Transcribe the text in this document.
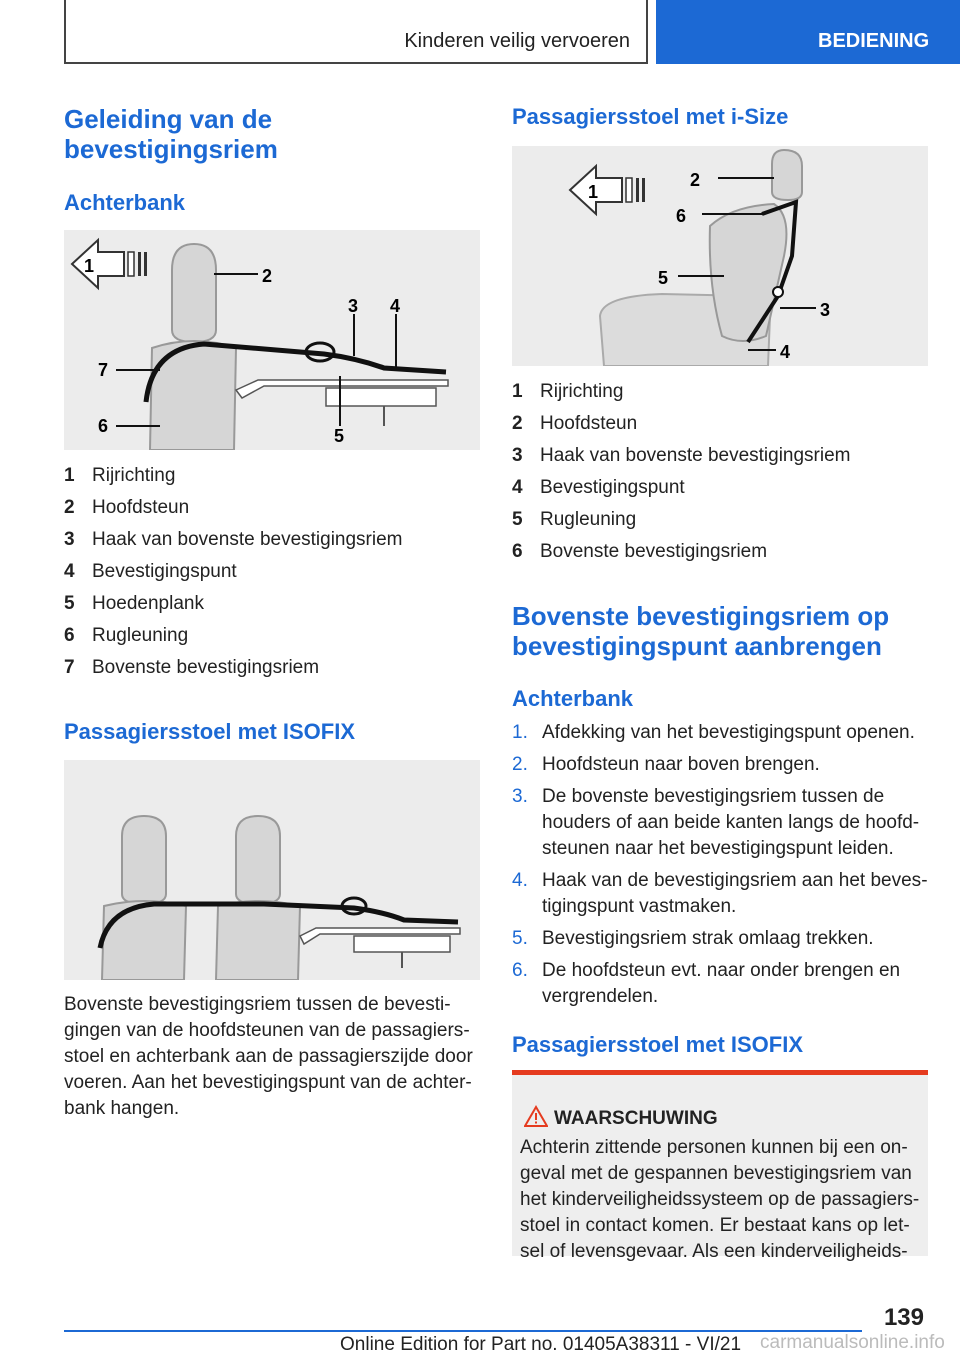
Kinderen veilig vervoeren	BEDIENING
Geleiding van de bevestigingsriem
Achterbank
1	2
3 4
5
6
7
1 Rijrichting
2 Hoofdsteun
3 Haak van bovenste bevestigingsriem
4 Bevestigingspunt
5 Hoedenplank
6 Rugleuning
7 Bovenste bevestigingsriem
Passagiersstoel met ISOFIX

Bovenste bevestigingsriem tussen de bevestigingen van de hoofdsteunen van de passagiersstoel en achterbank aan de passagierszijde door voeren. Aan het bevestigingspunt van de achterbank hangen.

Passagiersstoel met i-Size
1
2
3
4
5
6
1 Rijrichting
2 Hoofdsteun
3 Haak van bovenste bevestigingsriem
4 Bevestigingspunt
5 Rugleuning
6 Bovenste bevestigingsriem
Bovenste bevestigingsriem op bevestigingspunt aanbrengen
Achterbank
1. Afdekking van het bevestigingspunt openen.
2. Hoofdsteun naar boven brengen.
3. De bovenste bevestigingsriem tussen de houders of aan beide kanten langs de hoofdsteunen naar het bevestigingspunt leiden.
4. Haak van de bevestigingsriem aan het bevestigingspunt vastmaken.
5. Bevestigingsriem strak omlaag trekken.
6. De hoofdsteun evt. naar onder brengen en vergrendelen.
Passagiersstoel met ISOFIX
WAARSCHUWING

Achterin zittende personen kunnen bij een ongeval met de gespannen bevestigingsriem van het kinderveiligheidssysteem op de passagiersstoel in contact komen. Er bestaat kans op letsel of levensgevaar. Als een kinderveiligheids-

139
Online Edition for Part no. 01405A38311 - VI/21 carmanualsonline.info
